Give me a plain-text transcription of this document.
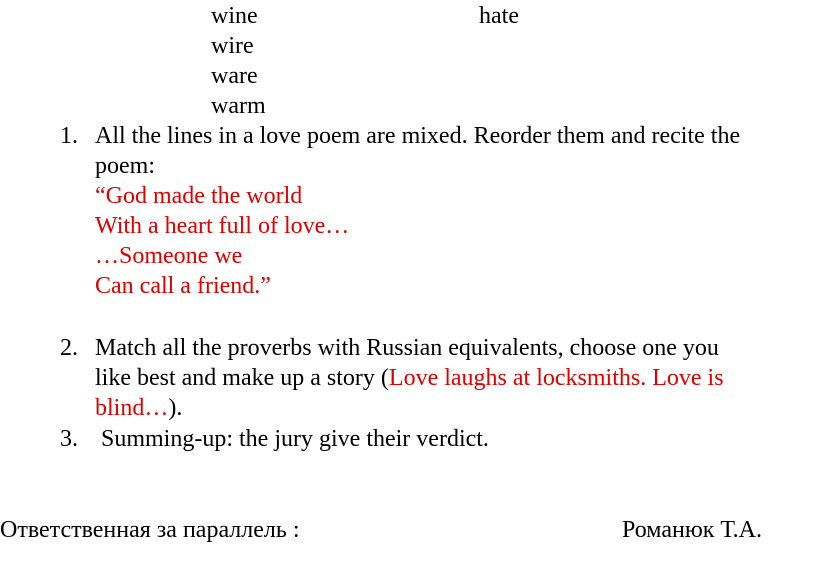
wine
wire
ware
warm
hate
1. All the lines in a love poem are mixed. Reorder them and recite the
poem:
“God made the world
With a heart full of love…
…Someone we
Can call a friend.”
2. Match all the proverbs with Russian equivalents, choose one you
like best and make up a story (Love laughs at locksmiths. Love is
blind…).
3. Summing-up: the jury give their verdict.
Ответственная за параллель :	Романюк Т.А.
